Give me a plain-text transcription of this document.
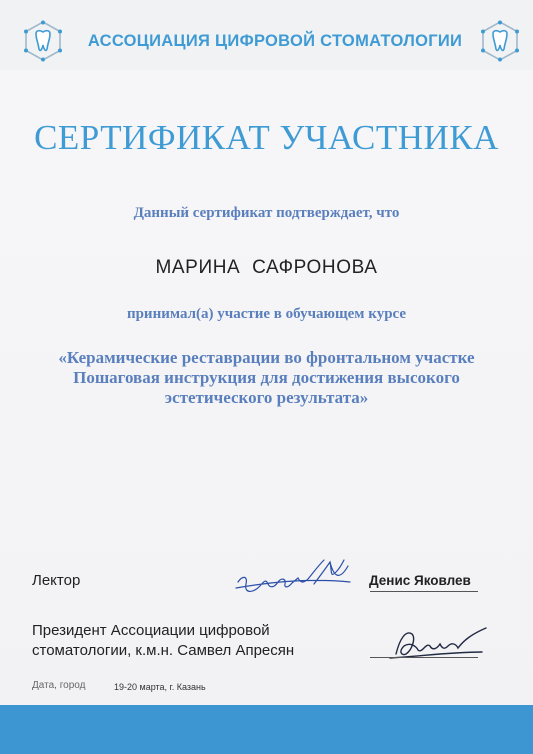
АССОЦИАЦИЯ ЦИФРОВОЙ СТОМАТОЛОГИИ
СЕРТИФИКАТ УЧАСТНИКА
Данный сертификат подтверждает, что
МАРИНА  САФРОНОВА
принимал(а) участие в обучающем курсе
«Керамические реставрации во фронтальном участке
Пошаговая инструкция для достижения высокого
эстетического результата»
Лектор	Денис Яковлев
Президент Ассоциации цифровой
стоматологии, к.м.н. Самвел Апресян
Дата, город	19-20 марта, г. Казань
